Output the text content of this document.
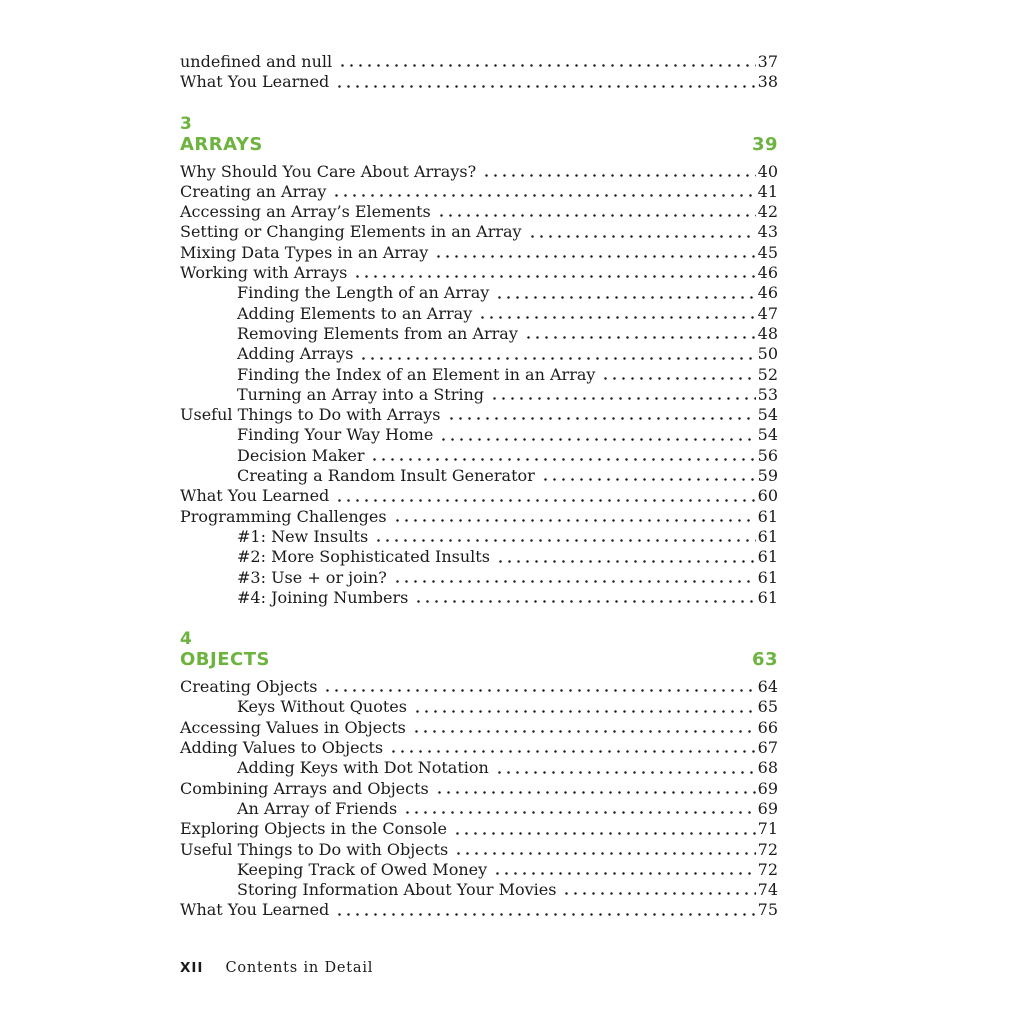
undefined and null	37
What You Learned	38
3
ARRAYS	39
Why Should You Care About Arrays?	40
Creating an Array	41
Accessing an Array’s Elements	42
Setting or Changing Elements in an Array	43
Mixing Data Types in an Array	45
Working with Arrays	46
Finding the Length of an Array	46
Adding Elements to an Array	47
Removing Elements from an Array	48
Adding Arrays	50
Finding the Index of an Element in an Array	52
Turning an Array into a String	53
Useful Things to Do with Arrays	54
Finding Your Way Home	54
Decision Maker	56
Creating a Random Insult Generator	59
What You Learned	60
Programming Challenges	61
#1: New Insults	61
#2: More Sophisticated Insults	61
#3: Use + or join?	61
#4: Joining Numbers	61
4
OBJECTS	63
Creating Objects	64
Keys Without Quotes	65
Accessing Values in Objects	66
Adding Values to Objects	67
Adding Keys with Dot Notation	68
Combining Arrays and Objects	69
An Array of Friends	69
Exploring Objects in the Console	71
Useful Things to Do with Objects	72
Keeping Track of Owed Money	72
Storing Information About Your Movies	74
What You Learned	75
XII Contents in Detail
